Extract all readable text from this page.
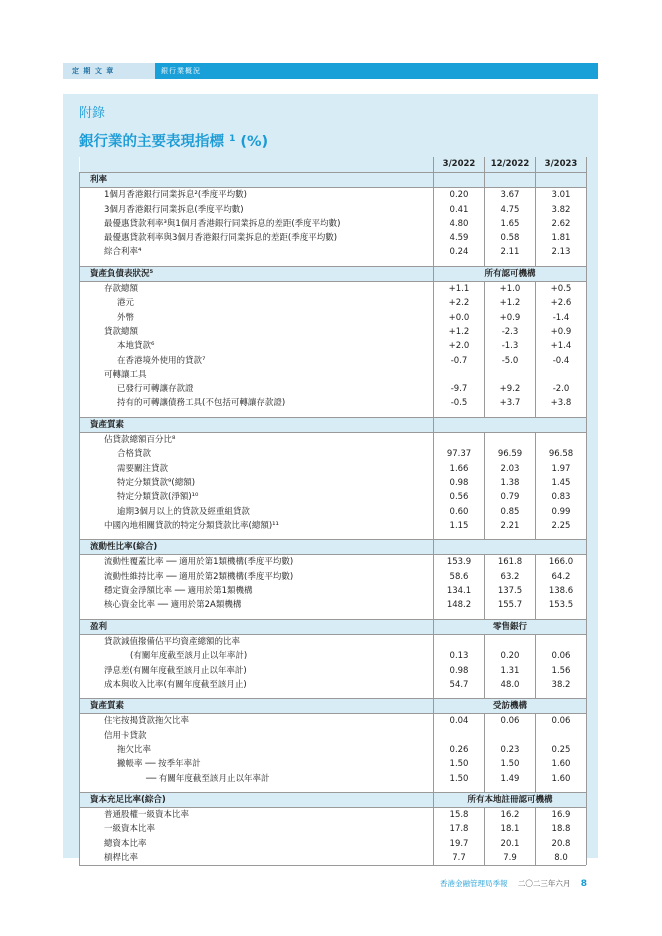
定 期 文 章	銀行業概況
附錄
銀行業的主要表現指標 $^1$ (%)
	3/2022	12/2022	3/2023
利率			
1個月香港銀行同業拆息²(季度平均數)	0.20	3.67	3.01
3個月香港銀行同業拆息(季度平均數)	0.41	4.75	3.82
最優惠貸款利率³與1個月香港銀行同業拆息的差距(季度平均數)	4.80	1.65	2.62
最優惠貸款利率與3個月香港銀行同業拆息的差距(季度平均數)	4.59	0.58	1.81
綜合利率⁴	0.24	2.11	2.13

資產負債表狀況⁵	所有認可機構		
存款總額	+1.1	+1.0	+0.5
港元	+2.2	+1.2	+2.6
外幣	+0.0	+0.9	-1.4
貸款總額	+1.2	-2.3	+0.9
本地貸款⁶	+2.0	-1.3	+1.4
在香港境外使用的貸款⁷	-0.7	-5.0	-0.4
可轉讓工具			
已發行可轉讓存款證	-9.7	+9.2	-2.0
持有的可轉讓債務工具(不包括可轉讓存款證)	-0.5	+3.7	+3.8

資產質素			
佔貸款總額百分比⁸			
合格貸款	97.37	96.59	96.58
需要關注貸款	1.66	2.03	1.97
特定分類貸款⁹(總額)	0.98	1.38	1.45
特定分類貸款(淨額)¹⁰	0.56	0.79	0.83
逾期3個月以上的貸款及經重組貸款	0.60	0.85	0.99
中國內地相關貸款的特定分類貸款比率(總額)¹¹	1.15	2.21	2.25

流動性比率(綜合)			
流動性覆蓋比率 ── 適用於第1類機構(季度平均數)	153.9	161.8	166.0
流動性維持比率 ── 適用於第2類機構(季度平均數)	58.6	63.2	64.2
穩定資金淨額比率 ── 適用於第1類機構	134.1	137.5	138.6
核心資金比率 ── 適用於第2A類機構	148.2	155.7	153.5

盈利	零售銀行		
貸款減值撥備佔平均資產總額的比率			
(有關年度截至該月止以年率計)	0.13	0.20	0.06
淨息差(有關年度截至該月止以年率計)	0.98	1.31	1.56
成本與收入比率(有關年度截至該月止)	54.7	48.0	38.2

資產質素	受訪機構		
住宅按揭貸款拖欠比率	0.04	0.06	0.06
信用卡貸款			
拖欠比率	0.26	0.23	0.25
撇帳率 ── 按季年率計	1.50	1.50	1.60
── 有關年度截至該月止以年率計	1.50	1.49	1.60

資本充足比率(綜合)	所有本地註冊認可機構		
普通股權一級資本比率	15.8	16.2	16.9
一級資本比率	17.8	18.1	18.8
總資本比率	19.7	20.1	20.8
槓桿比率	7.7	7.9	8.0
香港金融管理局季報 二〇二三年六月 8
